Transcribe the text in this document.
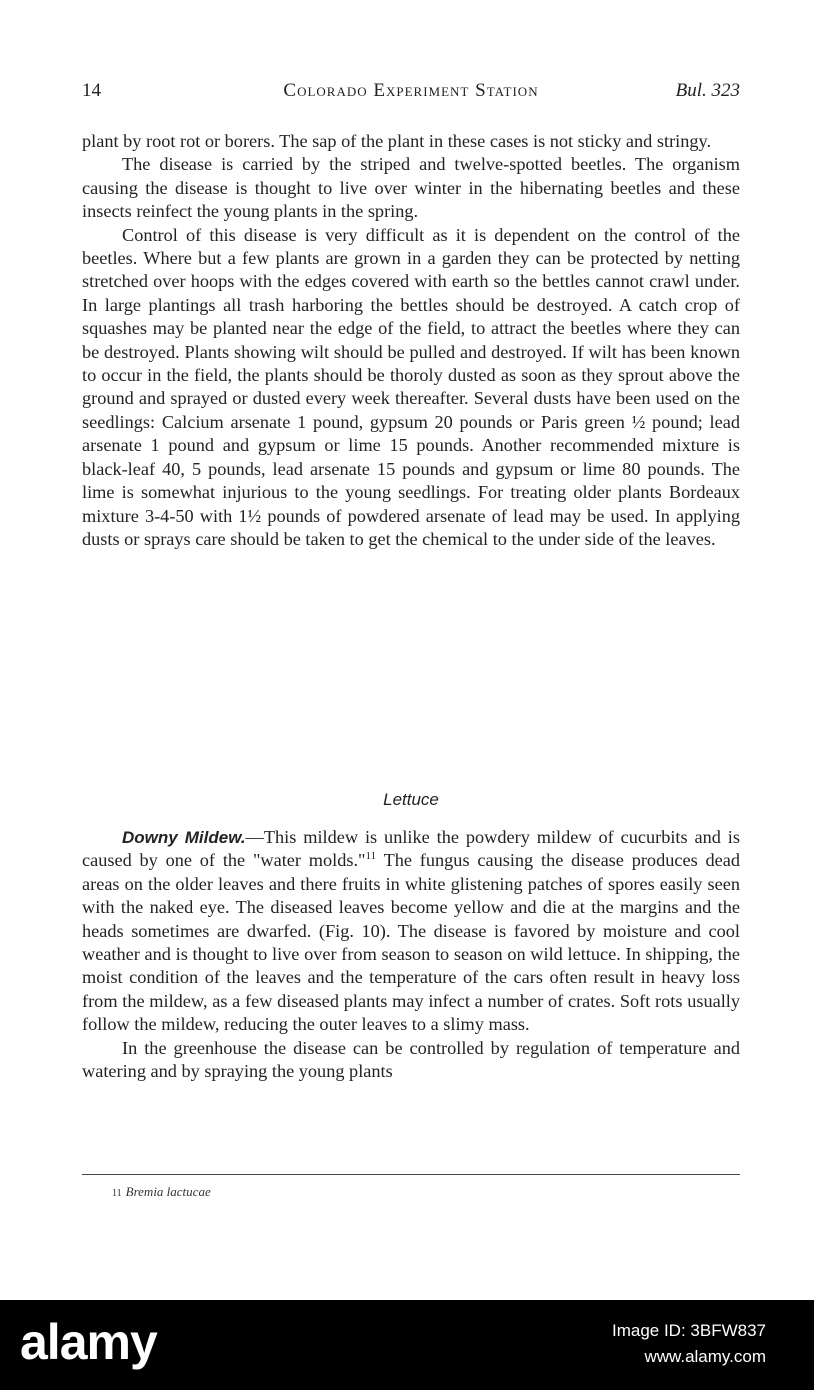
14	Colorado Experiment Station	Bul. 323

plant by root rot or borers. The sap of the plant in these cases is not sticky and stringy.

The disease is carried by the striped and twelve-spotted beetles. The organism causing the disease is thought to live over winter in the hibernating beetles and these insects reinfect the young plants in the spring.

Control of this disease is very difficult as it is dependent on the control of the beetles. Where but a few plants are grown in a garden they can be protected by netting stretched over hoops with the edges covered with earth so the bettles cannot crawl under. In large plantings all trash harboring the bettles should be destroyed. A catch crop of squashes may be planted near the edge of the field, to attract the beetles where they can be destroyed. Plants showing wilt should be pulled and destroyed. If wilt has been known to occur in the field, the plants should be thoroly dusted as soon as they sprout above the ground and sprayed or dusted every week thereafter. Several dusts have been used on the seedlings: Calcium arsenate 1 pound, gypsum 20 pounds or Paris green ½ pound; lead arsenate 1 pound and gypsum or lime 15 pounds. Another recommended mixture is black-leaf 40, 5 pounds, lead arsenate 15 pounds and gypsum or lime 80 pounds. The lime is somewhat injurious to the young seedlings. For treating older plants Bordeaux mixture 3-4-50 with 1½ pounds of powdered arsenate of lead may be used. In applying dusts or sprays care should be taken to get the chemical to the under side of the leaves.

Lettuce

Downy Mildew.—This mildew is unlike the powdery mildew of cucurbits and is caused by one of the "water molds."$^{11}$ The fungus causing the disease produces dead areas on the older leaves and there fruits in white glistening patches of spores easily seen with the naked eye. The diseased leaves become yellow and die at the margins and the heads sometimes are dwarfed. (Fig. 10). The disease is favored by moisture and cool weather and is thought to live over from season to season on wild lettuce. In shipping, the moist condition of the leaves and the temperature of the cars often result in heavy loss from the mildew, as a few diseased plants may infect a number of crates. Soft rots usually follow the mildew, reducing the outer leaves to a slimy mass.

In the greenhouse the disease can be controlled by regulation of temperature and watering and by spraying the young plants

11 Bremia lactucae
alamy	Image ID: 3BFW837
www.alamy.com
